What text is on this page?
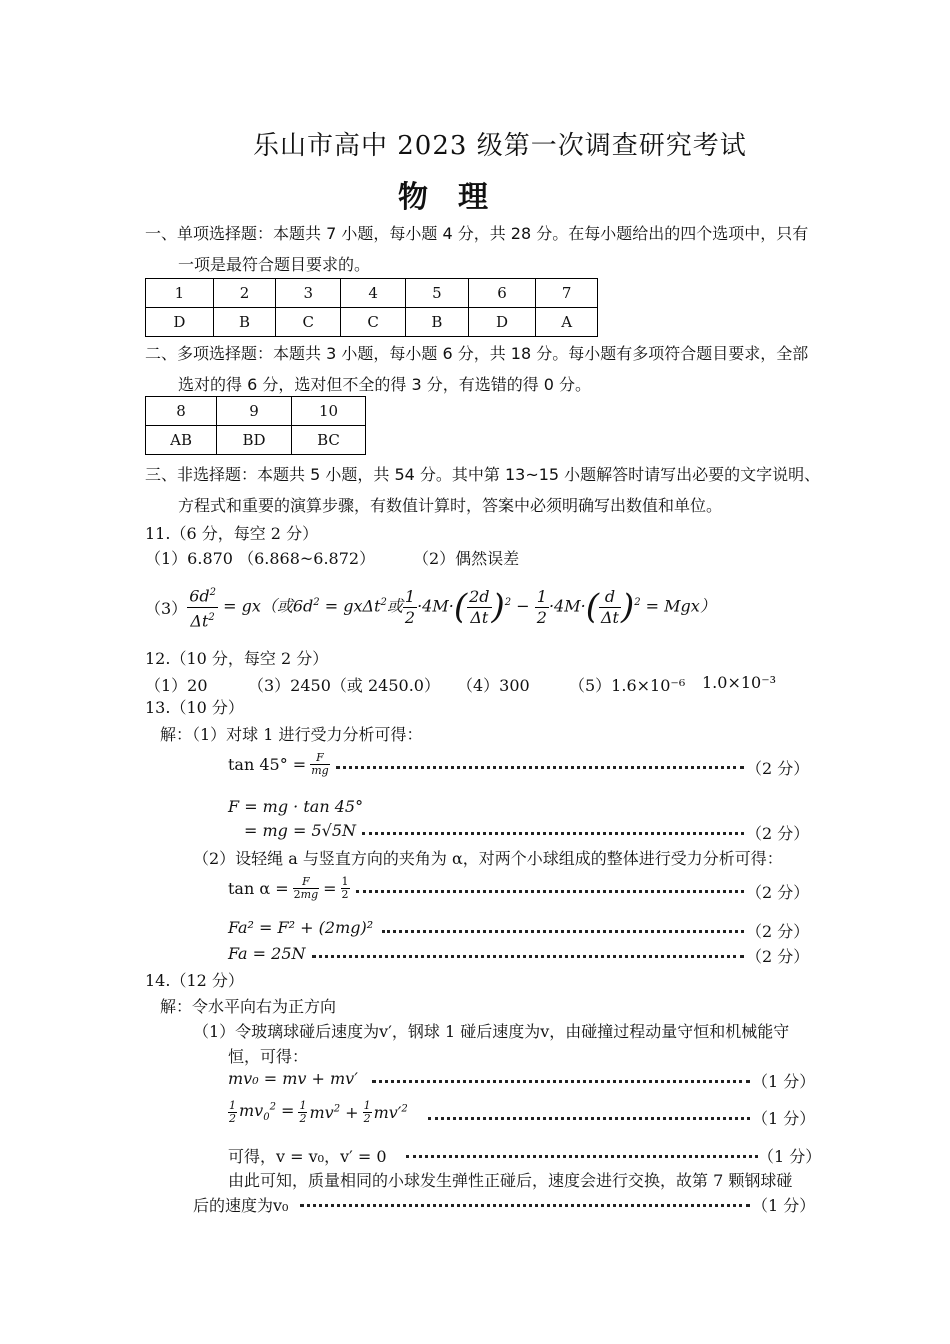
乐山市高中 2023 级第一次调查研究考试
物　理
一、单项选择题：本题共 7 小题，每小题 4 分，共 28 分。在每小题给出的四个选项中，只有
一项是最符合题目要求的。
1	2	3	4	5	6	7
D	B	C	C	B	D	A
二、多项选择题：本题共 3 小题，每小题 6 分，共 18 分。每小题有多项符合题目要求，全部
选对的得 6 分，选对但不全的得 3 分，有选错的得 0 分。
8	9	10
AB	BD	BC
三、非选择题：本题共 5 小题，共 54 分。其中第 13~15 小题解答时请写出必要的文字说明、
方程式和重要的演算步骤，有数值计算时，答案中必须明确写出数值和单位。
11.（6 分，每空 2 分）
（1）6.870 （6.868~6.872） （2）偶然误差
$(3) \frac{6d^2}{\Delta t^2} = gx$（或$6d^2 = gx\Delta t^2$或 $\frac{1}{2} \cdot 4M\cdot( \frac{2d}{\Delta t} )^2 - \frac{1}{2} \cdot 4M\cdot( \frac{d}{\Delta t} )^2 = Mgx$）
12.（10 分，每空 2 分）
（1）20	（3）2450（或 2450.0） （4）300 （5）1.6×10⁻⁶ 1.0×10⁻³
13.（10 分）
解：（1）对球 1 进行受力分析可得：
$\tan 45^\circ = \frac{F}{mg}$	（2 分）
F = mg · tan 45°
= mg = 5√5N	（2 分）
（2）设轻绳 a 与竖直方向的夹角为 α，对两个小球组成的整体进行受力分析可得：
$\tan \alpha = \frac{F}{2mg} = \frac{1}{2}$	（2 分）
Fa² = F² + (2mg)²	（2 分）
Fa = 25N	（2 分）
14.（12 分）
解：令水平向右为正方向
（1）令玻璃球碰后速度为v′，钢球 1 碰后速度为v，由碰撞过程动量守恒和机械能守
恒，可得：
mv₀ = mv + mv′	（1 分）
$\frac{1}{2} mv_0^2 = \frac{1}{2} mv^2 + \frac{1}{2} mv'^2$	（1 分）
可得，v = v₀，v′ = 0	（1 分）
由此可知，质量相同的小球发生弹性正碰后，速度会进行交换，故第 7 颗钢球碰
后的速度为v₀	（1 分）
